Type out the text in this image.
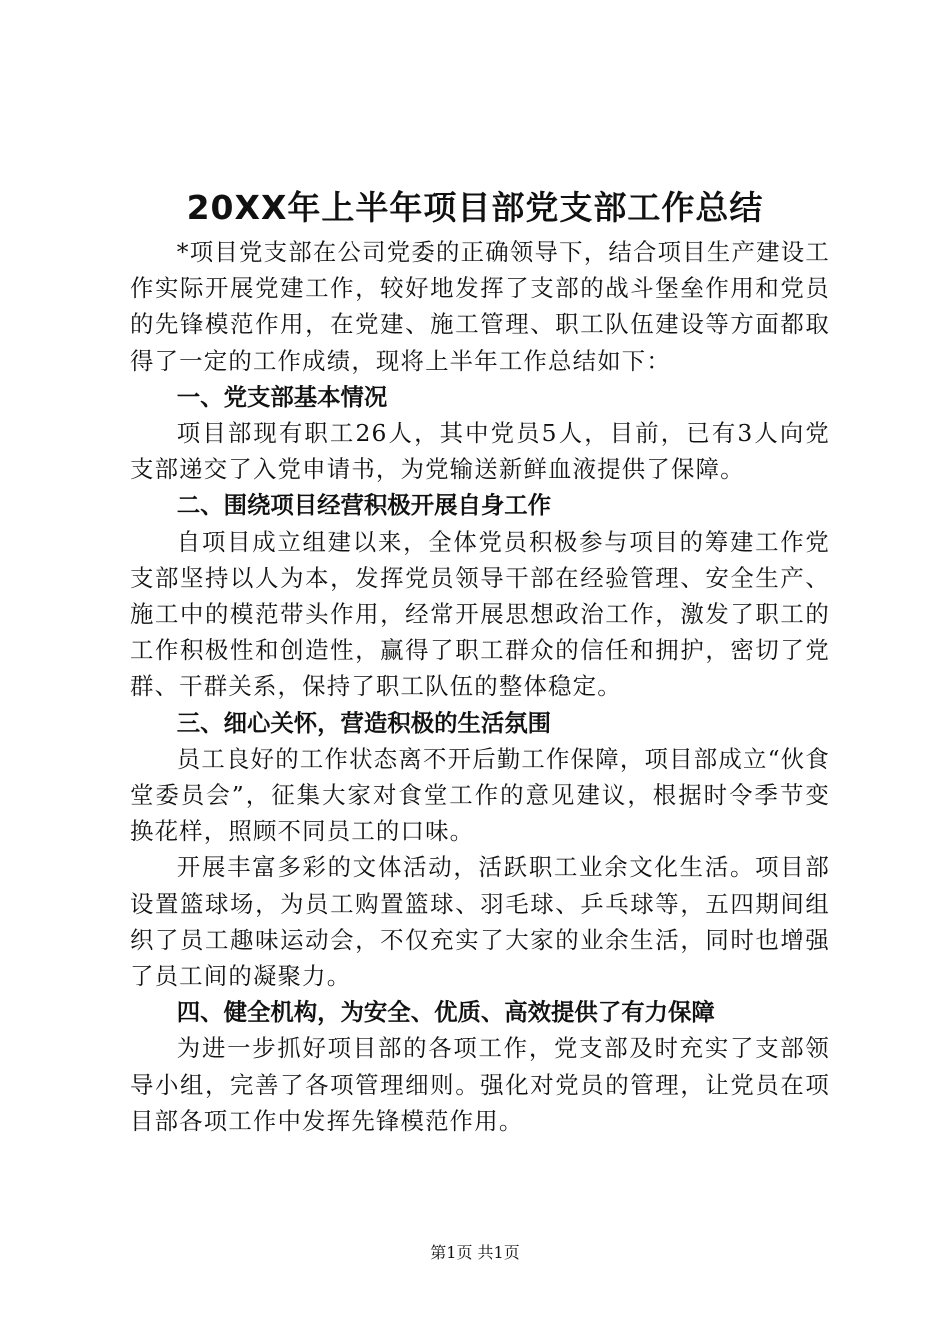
20XX年上半年项目部党支部工作总结

*项目党支部在公司党委的正确领导下，结合项目生产建设工作实际开展党建工作，较好地发挥了支部的战斗堡垒作用和党员的先锋模范作用，在党建、施工管理、职工队伍建设等方面都取得了一定的工作成绩，现将上半年工作总结如下：

一、党支部基本情况

项目部现有职工26人，其中党员5人，目前，已有3人向党支部递交了入党申请书，为党输送新鲜血液提供了保障。

二、围绕项目经营积极开展自身工作

自项目成立组建以来，全体党员积极参与项目的筹建工作党支部坚持以人为本，发挥党员领导干部在经验管理、安全生产、施工中的模范带头作用，经常开展思想政治工作，激发了职工的工作积极性和创造性，赢得了职工群众的信任和拥护，密切了党群、干群关系，保持了职工队伍的整体稳定。

三、细心关怀，营造积极的生活氛围

员工良好的工作状态离不开后勤工作保障，项目部成立“伙食堂委员会”，征集大家对食堂工作的意见建议，根据时令季节变换花样，照顾不同员工的口味。

开展丰富多彩的文体活动，活跃职工业余文化生活。项目部设置篮球场，为员工购置篮球、羽毛球、乒乓球等，五四期间组织了员工趣味运动会，不仅充实了大家的业余生活，同时也增强了员工间的凝聚力。

四、健全机构，为安全、优质、高效提供了有力保障

为进一步抓好项目部的各项工作，党支部及时充实了支部领导小组，完善了各项管理细则。强化对党员的管理，让党员在项目部各项工作中发挥先锋模范作用。

第1页 共1页
